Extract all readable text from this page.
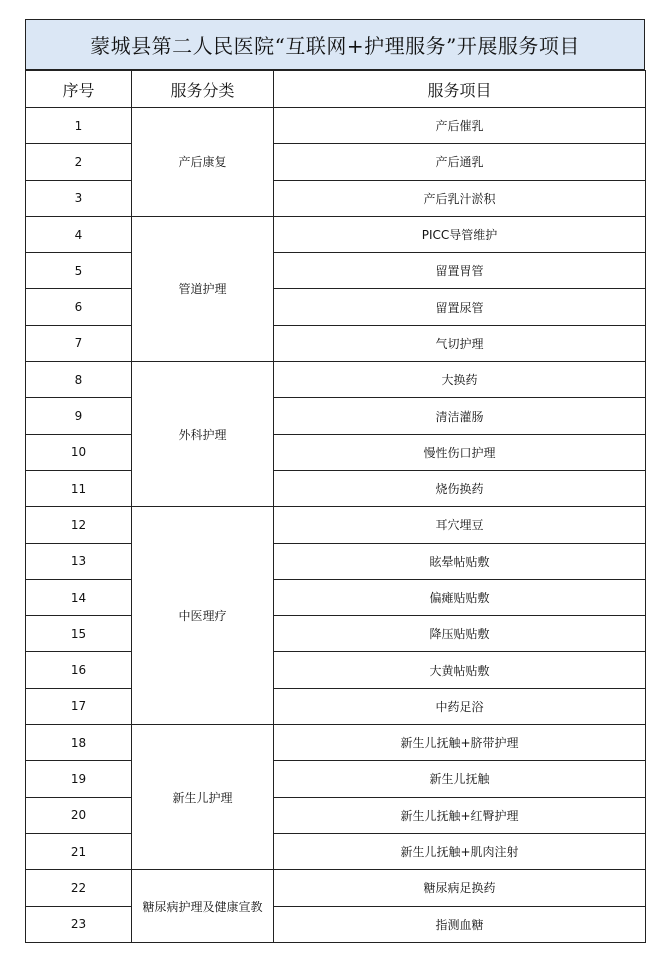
蒙城县第二人民医院“互联网+护理服务”开展服务项目
序号	服务分类	服务项目
1	产后康复	产后催乳
2		产后通乳
3		产后乳汁淤积
4	管道护理	PICC导管维护
5		留置胃管
6		留置尿管
7		气切护理
8	外科护理	大换药
9		清洁灌肠
10		慢性伤口护理
11		烧伤换药
12	中医理疗	耳穴埋豆
13		眩晕帖贴敷
14		偏瘫贴贴敷
15		降压贴贴敷
16		大黄帖贴敷
17		中药足浴
18	新生儿护理	新生儿抚触+脐带护理
19		新生儿抚触
20		新生儿抚触+红臀护理
21		新生儿抚触+肌肉注射
22	糖尿病护理及健康宣教	糖尿病足换药
23		指测血糖
